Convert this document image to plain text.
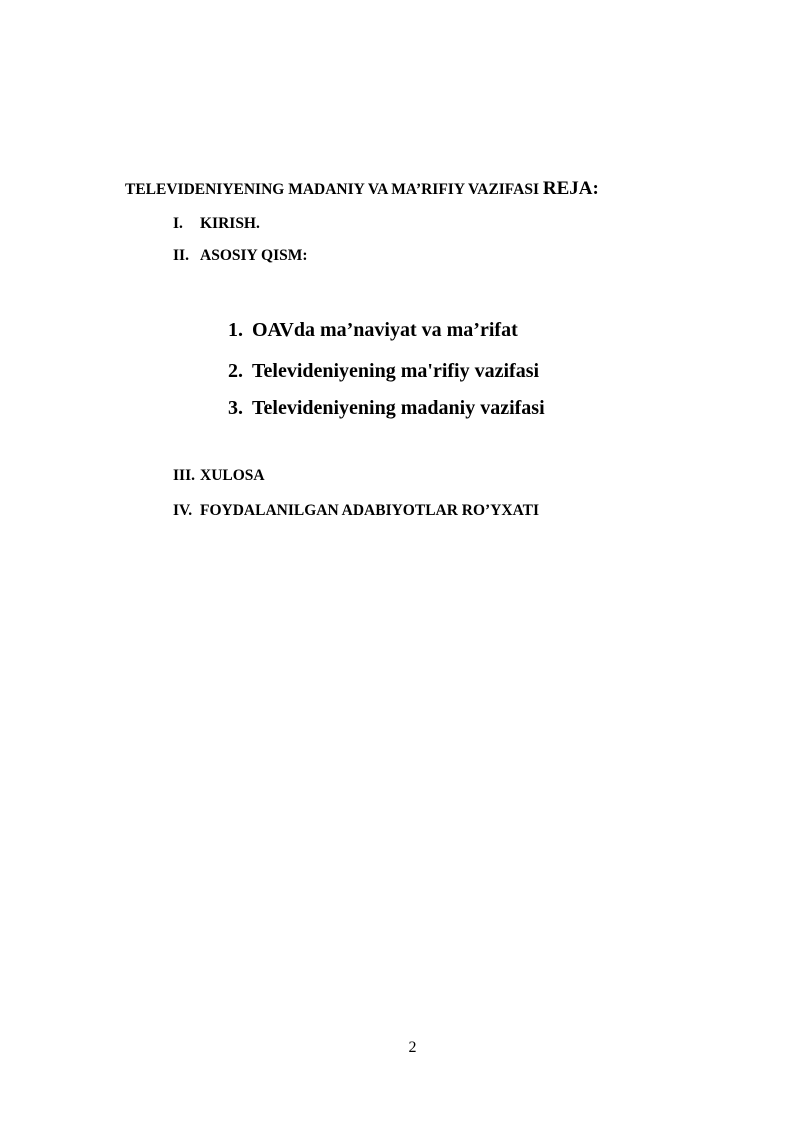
TELEVIDENIYENING MADANIY VA MA’RIFIY VAZIFASI REJA:
I. KIRISH.
II. ASOSIY QISM:
1. OAVda ma’naviyat va ma’rifat
2. Televideniyening ma'rifiy vazifasi
3. Televideniyening madaniy vazifasi
III. XULOSA
IV. FOYDALANILGAN ADABIYOTLAR RO’YXATI
2
